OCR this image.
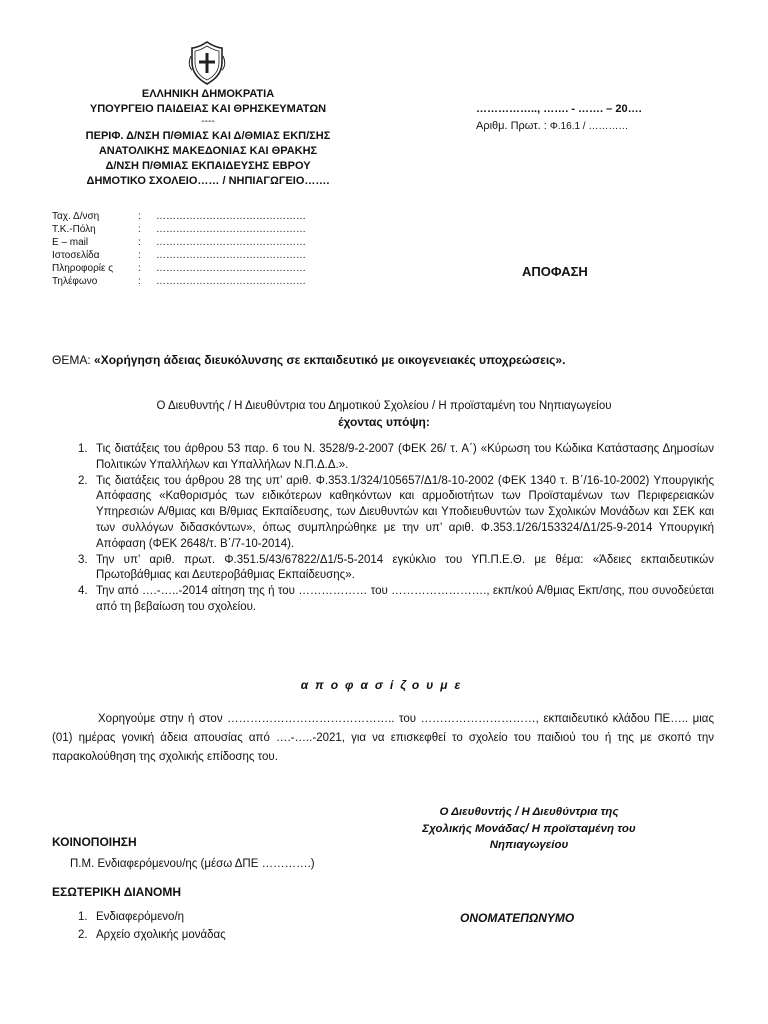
ΕΛΛΗΝΙΚΗ ΔΗΜΟΚΡΑΤΙΑ
ΥΠΟΥΡΓΕΙΟ ΠΑΙΔΕΙΑΣ ΚΑΙ ΘΡΗΣΚΕΥΜΑΤΩΝ
----
ΠΕΡΙΦ. Δ/ΝΣΗ Π/ΘΜΙΑΣ ΚΑΙ Δ/ΘΜΙΑΣ ΕΚΠ/ΣΗΣ
ΑΝΑΤΟΛΙΚΗΣ ΜΑΚΕΔΟΝΙΑΣ ΚΑΙ ΘΡΑΚΗΣ
Δ/ΝΣΗ Π/ΘΜΙΑΣ ΕΚΠΑΙΔΕΥΣΗΣ ΕΒΡΟΥ
ΔΗΜΟΤΙΚΟ ΣΧΟΛΕΙΟ…… / ΝΗΠΙΑΓΩΓΕΙΟ…….
…………….., ……. - ……. – 20….
Αριθμ. Πρωτ. : Φ.16.1 / …………
Ταχ. Δ/νση	:	………………………………………
Τ.Κ.-Πόλη	:	………………………………………
Ε – mail	:	………………………………………
Ιστοσελίδα	:	………………………………………
Πληροφορίε ς	:	………………………………………
Τηλέφωνο	:	………………………………………
ΑΠΟΦΑΣΗ
ΘΕΜΑ: «Χορήγηση άδειας διευκόλυνσης σε εκπαιδευτικό με οικογενειακές υποχρεώσεις».
Ο Διευθυντής / Η Διευθύντρια του Δημοτικού Σχολείου / Η προϊσταμένη του Νηπιαγωγείου
έχοντας υπόψη:
1. Τις διατάξεις του άρθρου 53 παρ. 6 του Ν. 3528/9-2-2007 (ΦΕΚ 26/ τ. Α΄) «Κύρωση του Κώδικα Κατάστασης Δημοσίων Πολιτικών Υπαλλήλων και Υπαλλήλων Ν.Π.Δ.Δ.».
2. Τις διατάξεις του άρθρου 28 της υπ’ αριθ. Φ.353.1/324/105657/Δ1/8-10-2002 (ΦΕΚ 1340 τ. Β΄/16-10-2002) Υπουργικής Απόφασης «Καθορισμός των ειδικότερων καθηκόντων και αρμοδιοτήτων των Προϊσταμένων των Περιφερειακών Υπηρεσιών Α/θμιας και Β/θμιας Εκπαίδευσης, των Διευθυντών και Υποδιευθυντών των Σχολικών Μονάδων και ΣΕΚ και των συλλόγων διδασκόντων», όπως συμπληρώθηκε με την υπ’ αριθ. Φ.353.1/26/153324/Δ1/25-9-2014 Υπουργική Απόφαση (ΦΕΚ 2648/τ. Β΄/7-10-2014).
3. Την υπ’ αριθ. πρωτ. Φ.351.5/43/67822/Δ1/5-5-2014 εγκύκλιο του ΥΠ.Π.Ε.Θ. με θέμα: «Άδειες εκπαιδευτικών Πρωτοβάθμιας και Δευτεροβάθμιας Εκπαίδευσης».
4. Την από ….-…..-2014 αίτηση της ή του ……………… του ……………………., εκπ/κού Α/θμιας Εκπ/σης, που συνοδεύεται από τη βεβαίωση του σχολείου.
αποφασίζουμε
Χορηγούμε στην ή στον …………………………………….. του …………………………, εκπαιδευτικό κλάδου ΠΕ….. μιας (01) ημέρας γονική άδεια απουσίας από ….-…..-2021, για να επισκεφθεί το σχολείο του παιδιού του ή της με σκοπό την παρακολούθηση της σχολικής επίδοσης του.
Ο Διευθυντής / Η Διευθύντρια της
Σχολικής Μονάδας/ Η προϊσταμένη του
Νηπιαγωγείου
ΟΝΟΜΑΤΕΠΩΝΥΜΟ
ΚΟΙΝΟΠΟΙΗΣΗ
Π.Μ. Ενδιαφερόμενου/ης (μέσω ΔΠΕ ………….)
ΕΣΩΤΕΡΙΚΗ ΔΙΑΝΟΜΗ
1. Ενδιαφερόμενο/η
2. Αρχείο σχολικής μονάδας
